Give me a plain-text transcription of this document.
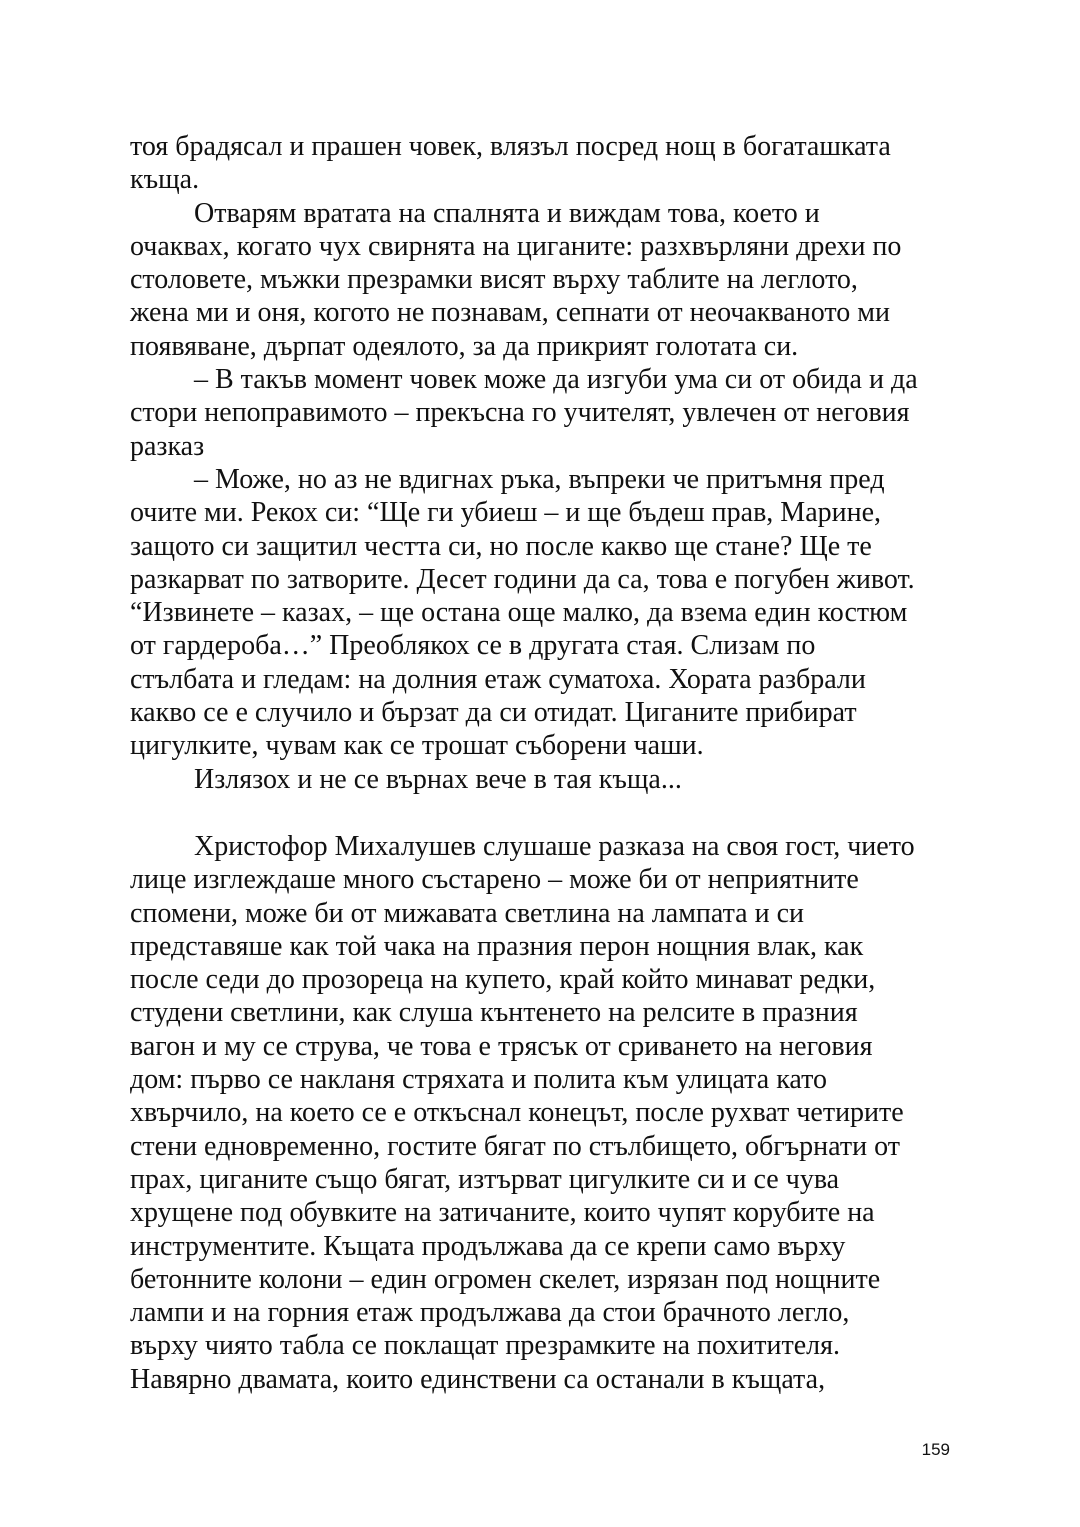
тоя брадясал и прашен човек, влязъл посред нощ в богаташката
къща.
Отварям вратата на спалнята и виждам това, което и
очаквах, когато чух свирнята на циганите: разхвърляни дрехи по
столовете, мъжки презрамки висят върху таблите на леглото,
жена ми и оня, когото не познавам, сепнати от неочакваното ми
появяване, дърпат одеялото, за да прикрият голотата си.
– В такъв момент човек може да изгуби ума си от обида и да
стори непоправимото – прекъсна го учителят, увлечен от неговия
разказ
– Може, но аз не вдигнах ръка, въпреки че притъмня пред
очите ми. Рекох си: “Ще ги убиеш – и ще бъдеш прав, Марине,
защото си защитил честта си, но после какво ще стане? Ще те
разкарват по затворите. Десет години да са, това е погубен живот.
“Извинете – казах, – ще остана още малко, да взема един костюм
от гардероба…” Преоблякох се в другата стая. Слизам по
стълбата и гледам: на долния етаж суматоха. Хората разбрали
какво се е случило и бързат да си отидат. Циганите прибират
цигулките, чувам как се трошат съборени чаши.
Излязох и не се върнах вече в тая къща...
Христофор Михалушев слушаше разказа на своя гост, чието
лице изглеждаше много състарено – може би от неприятните
спомени, може би от мижавата светлина на лампата и си
представяше как той чака на празния перон нощния влак, как
после седи до прозореца на купето, край който минават редки,
студени светлини, как слуша кънтенето на релсите в празния
вагон и му се струва, че това е трясък от сриването на неговия
дом: първо се накланя стряхата и полита към улицата като
хвърчило, на което се е откъснал конецът, после рухват четирите
стени едновременно, гостите бягат по стълбището, обгърнати от
прах, циганите също бягат, изтърват цигулките си и се чува
хрущене под обувките на затичаните, които чупят корубите на
инструментите. Къщата продължава да се крепи само върху
бетонните колони – един огромен скелет, изрязан под нощните
лампи и на горния етаж продължава да стои брачното легло,
върху чиято табла се поклащат презрамките на похитителя.
Навярно двамата, които единствени са останали в къщата,
159
